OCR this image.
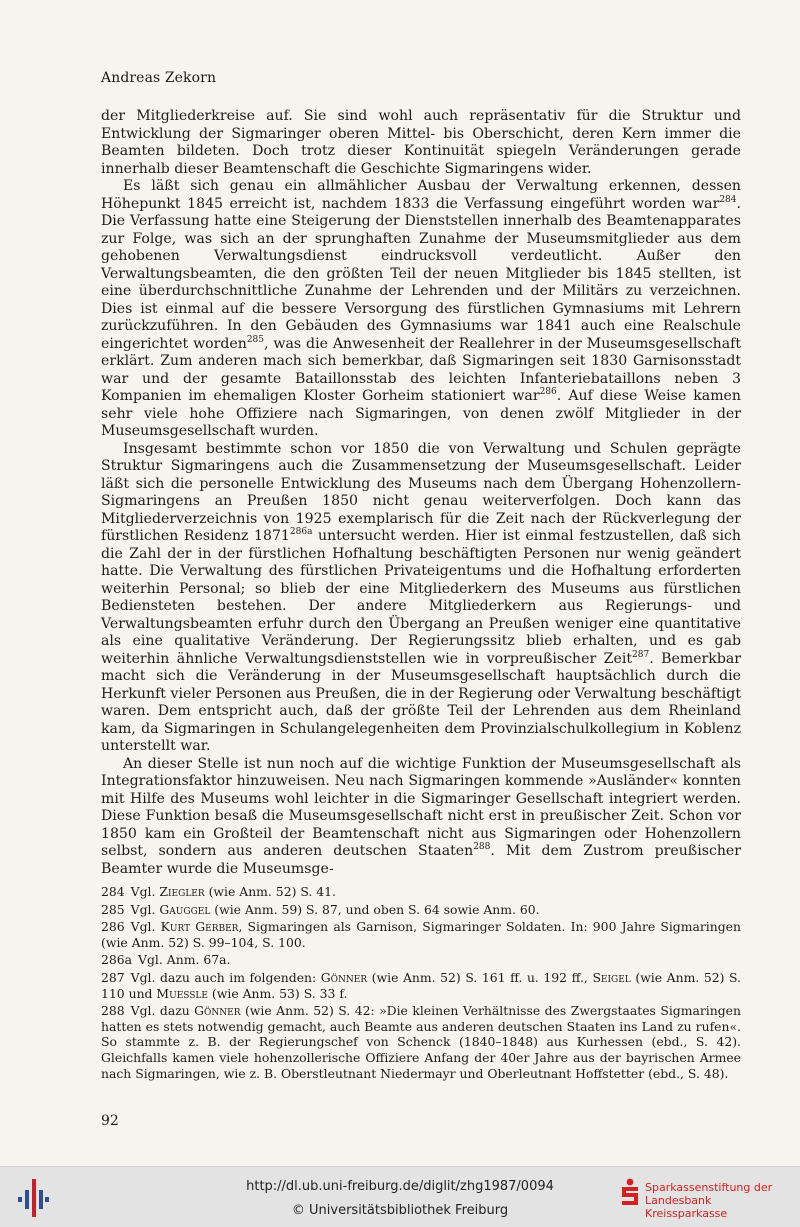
Andreas Zekorn

der Mitgliederkreise auf. Sie sind wohl auch repräsentativ für die Struktur und Entwicklung der Sigmaringer oberen Mittel- bis Oberschicht, deren Kern immer die Beamten bildeten. Doch trotz dieser Kontinuität spiegeln Veränderungen gerade innerhalb dieser Beamtenschaft die Geschichte Sigmaringens wider.

Es läßt sich genau ein allmählicher Ausbau der Verwaltung erkennen, dessen Höhepunkt 1845 erreicht ist, nachdem 1833 die Verfassung eingeführt worden war$^{284}$. Die Verfassung hatte eine Steigerung der Dienststellen innerhalb des Beamtenapparates zur Folge, was sich an der sprunghaften Zunahme der Museumsmitglieder aus dem gehobenen Verwaltungsdienst eindrucksvoll verdeutlicht. Außer den Verwaltungsbeamten, die den größten Teil der neuen Mitglieder bis 1845 stellten, ist eine überdurchschnittliche Zunahme der Lehrenden und der Militärs zu verzeichnen. Dies ist einmal auf die bessere Versorgung des fürstlichen Gymnasiums mit Lehrern zurückzuführen. In den Gebäuden des Gymnasiums war 1841 auch eine Realschule eingerichtet worden$^{285}$, was die Anwesenheit der Reallehrer in der Museumsgesellschaft erklärt. Zum anderen mach sich bemerkbar, daß Sigmaringen seit 1830 Garnisonsstadt war und der gesamte Bataillonsstab des leichten Infanteriebataillons neben 3 Kompanien im ehemaligen Kloster Gorheim stationiert war$^{286}$. Auf diese Weise kamen sehr viele hohe Offiziere nach Sigmaringen, von denen zwölf Mitglieder in der Museumsgesellschaft wurden.

Insgesamt bestimmte schon vor 1850 die von Verwaltung und Schulen geprägte Struktur Sigmaringens auch die Zusammensetzung der Museumsgesellschaft. Leider läßt sich die personelle Entwicklung des Museums nach dem Übergang Hohenzollern-Sigmaringens an Preußen 1850 nicht genau weiterverfolgen. Doch kann das Mitgliederverzeichnis von 1925 exemplarisch für die Zeit nach der Rückverlegung der fürstlichen Residenz $1871^{286a}$ untersucht werden. Hier ist einmal festzustellen, daß sich die Zahl der in der fürstlichen Hofhaltung beschäftigten Personen nur wenig geändert hatte. Die Verwaltung des fürstlichen Privateigentums und die Hofhaltung erforderten weiterhin Personal; so blieb der eine Mitgliederkern des Museums aus fürstlichen Bediensteten bestehen. Der andere Mitgliederkern aus Regierungs- und Verwaltungsbeamten erfuhr durch den Übergang an Preußen weniger eine quantitative als eine qualitative Veränderung. Der Regierungssitz blieb erhalten, und es gab weiterhin ähnliche Verwaltungsdienststellen wie in vorpreußischer Zeit$^{287}$. Bemerkbar macht sich die Veränderung in der Museumsgesellschaft hauptsächlich durch die Herkunft vieler Personen aus Preußen, die in der Regierung oder Verwaltung beschäftigt waren. Dem entspricht auch, daß der größte Teil der Lehrenden aus dem Rheinland kam, da Sigmaringen in Schulangelegenheiten dem Provinzialschulkollegium in Koblenz unterstellt war.

An dieser Stelle ist nun noch auf die wichtige Funktion der Museumsgesellschaft als Integrationsfaktor hinzuweisen. Neu nach Sigmaringen kommende »Ausländer« konnten mit Hilfe des Museums wohl leichter in die Sigmaringer Gesellschaft integriert werden. Diese Funktion besaß die Museumsgesellschaft nicht erst in preußischer Zeit. Schon vor 1850 kam ein Großteil der Beamtenschaft nicht aus Sigmaringen oder Hohenzollern selbst, sondern aus anderen deutschen Staaten$^{288}$. Mit dem Zustrom preußischer Beamter wurde die Museumsge-

284 Vgl. Ziegler (wie Anm. 52) S. 41.

285 Vgl. Gauggel (wie Anm. 59) S. 87, und oben S. 64 sowie Anm. 60.

286 Vgl. Kurt Gerber, Sigmaringen als Garnison, Sigmaringer Soldaten. In: 900 Jahre Sigmaringen (wie Anm. 52) S. 99–104, S. 100.

286a Vgl. Anm. 67a.

287 Vgl. dazu auch im folgenden: Gönner (wie Anm. 52) S. 161 ff. u. 192 ff., Seigel (wie Anm. 52) S. 110 und Muessle (wie Anm. 53) S. 33 f.

288 Vgl. dazu Gönner (wie Anm. 52) S. 42: »Die kleinen Verhältnisse des Zwergstaates Sigmaringen hatten es stets notwendig gemacht, auch Beamte aus anderen deutschen Staaten ins Land zu rufen«. So stammte z. B. der Regierungschef von Schenck (1840–1848) aus Kurhessen (ebd., S. 42). Gleichfalls kamen viele hohenzollerische Offiziere Anfang der 40er Jahre aus der bayrischen Armee nach Sigmaringen, wie z. B. Oberstleutnant Niedermayr und Oberleutnant Hoffstetter (ebd., S. 48).

92
http://dl.ub.uni-freiburg.de/diglit/zhg1987/0094
© Universitätsbibliothek Freiburg
Sparkassenstiftung der
Landesbank Kreissparkasse
